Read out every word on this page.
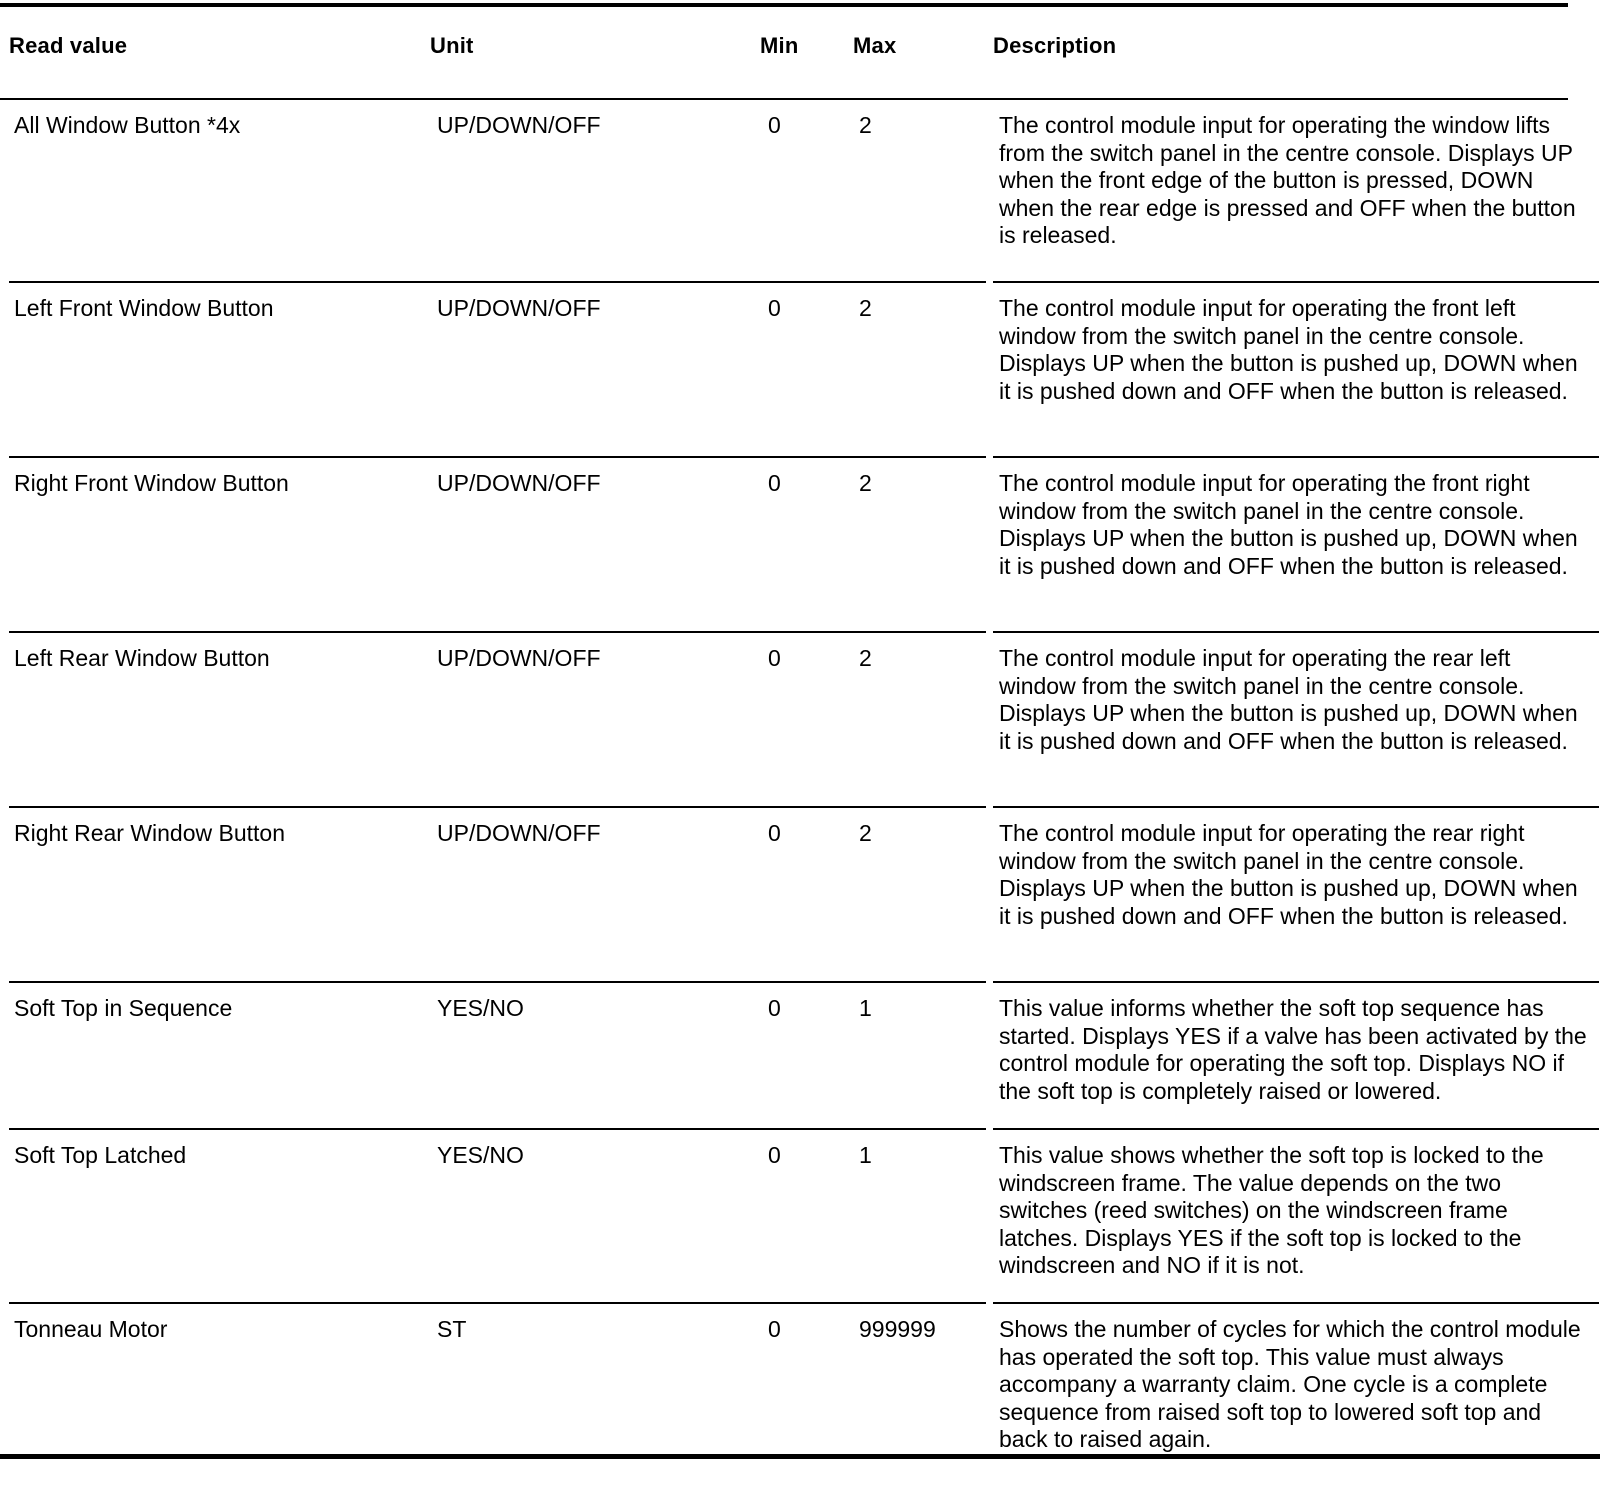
Read value	Unit	Min Max	Description
All Window Button *4x	UP/DOWN/OFF	0	2	The control module input for operating the window lifts from the switch panel in the centre console. Displays UP when the front edge of the button is pressed, DOWN when the rear edge is pressed and OFF when the button is released.
Left Front Window Button	UP/DOWN/OFF	0	2	The control module input for operating the front left window from the switch panel in the centre console. Displays UP when the button is pushed up, DOWN when it is pushed down and OFF when the button is released.
Right Front Window Button	UP/DOWN/OFF	0	2	The control module input for operating the front right window from the switch panel in the centre console. Displays UP when the button is pushed up, DOWN when it is pushed down and OFF when the button is released.
Left Rear Window Button	UP/DOWN/OFF	0	2	The control module input for operating the rear left window from the switch panel in the centre console. Displays UP when the button is pushed up, DOWN when it is pushed down and OFF when the button is released.
Right Rear Window Button	UP/DOWN/OFF	0	2	The control module input for operating the rear right window from the switch panel in the centre console. Displays UP when the button is pushed up, DOWN when it is pushed down and OFF when the button is released.
Soft Top in Sequence	YES/NO	0	1	This value informs whether the soft top sequence has started. Displays YES if a valve has been activated by the control module for operating the soft top. Displays NO if the soft top is completely raised or lowered.
Soft Top Latched	YES/NO	0	1	This value shows whether the soft top is locked to the windscreen frame. The value depends on the two switches (reed switches) on the windscreen frame latches. Displays YES if the soft top is locked to the windscreen and NO if it is not.
Tonneau Motor	ST	0	999999	Shows the number of cycles for which the control module has operated the soft top. This value must always accompany a warranty claim. One cycle is a complete sequence from raised soft top to lowered soft top and back to raised again.
